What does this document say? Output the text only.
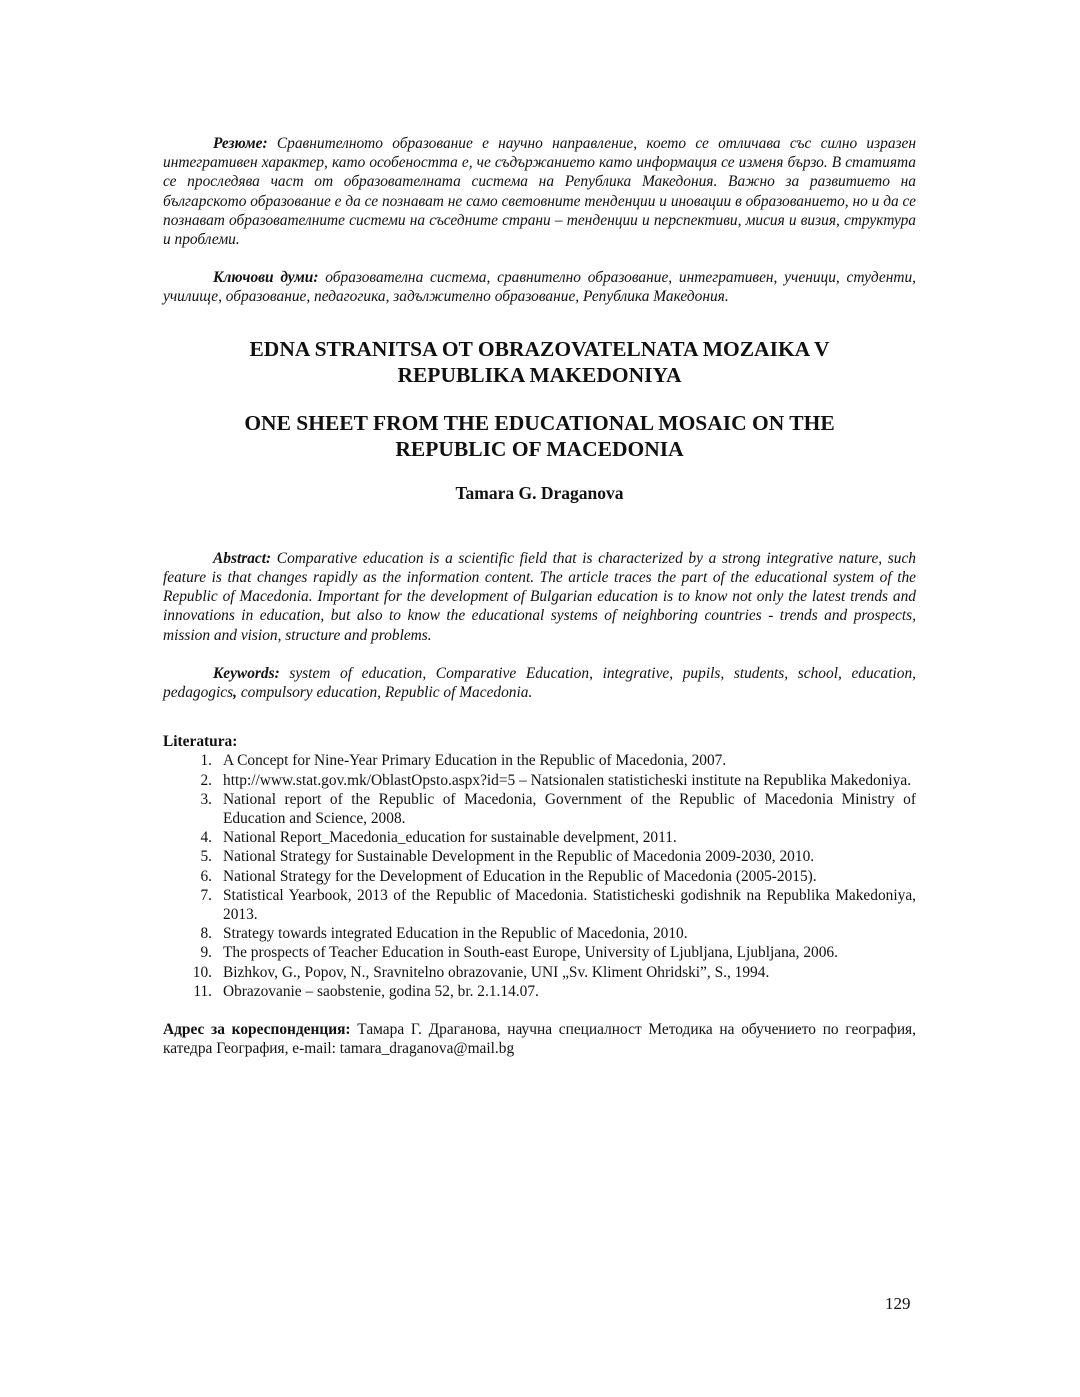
Резюме: Сравнителното образование е научно направление, което се отличава със силно изразен интегративен характер, като особеността е, че съдържанието като информация се изменя бързо. В статията се проследява част от образователната система на Република Македония. Важно за развитието на българското образование е да се познават не само световните тенденции и иновации в образованието, но и да се познават образователните системи на съседните страни – тенденции и перспективи, мисия и визия, структура и проблеми.

Ключови думи: образователна система, сравнително образование, интегративен, ученици, студенти, училище, образование, педагогика, задължително образование, Република Македония.

EDNA STRANITSA OT OBRAZOVATELNATA MOZAIKA V
REPUBLIKA MAKEDONIYA
ONE SHEET FROM THE EDUCATIONAL MOSAIC ON THE
REPUBLIC OF MACEDONIA
Tamara G. Draganova

Abstract: Comparative education is a scientific field that is characterized by a strong integrative nature, such feature is that changes rapidly as the information content. The article traces the part of the educational system of the Republic of Macedonia. Important for the development of Bulgarian education is to know not only the latest trends and innovations in education, but also to know the educational systems of neighboring countries - trends and prospects, mission and vision, structure and problems.

Keywords: system of education, Comparative Education, integrative, pupils, students, school, education, pedagogics, compulsory education, Republic of Macedonia.

Literatura:
1. A Concept for Nine-Year Primary Education in the Republic of Macedonia, 2007.
2. http://www.stat.gov.mk/OblastOpsto.aspx?id=5 – Natsionalen statisticheski institute na Republika Makedoniya.
3. National report of the Republic of Macedonia, Government of the Republic of Macedonia Ministry of Education and Science, 2008.
4. National Report_Macedonia_education for sustainable develpment, 2011.
5. National Strategy for Sustainable Development in the Republic of Macedonia 2009-2030, 2010.
6. National Strategy for the Development of Education in the Republic of Macedonia (2005-2015).
7. Statistical Yearbook, 2013 of the Republic of Macedonia. Statisticheski godishnik na Republika Makedoniya, 2013.
8. Strategy towards integrated Education in the Republic of Macedonia, 2010.
9. The prospects of Teacher Education in South-east Europe, University of Ljubljana, Ljubljana, 2006.
10. Bizhkov, G., Popov, N., Sravnitelno obrazovanie, UNI „Sv. Kliment Ohridski”, S., 1994.
11. Obrazovanie – saobstenie, godina 52, br. 2.1.14.07.

Адрес за кореспонденция: Тамара Г. Драганова, научна специалност Методика на обучението по география, катедра География, e-mail: tamara_draganova@mail.bg

129
